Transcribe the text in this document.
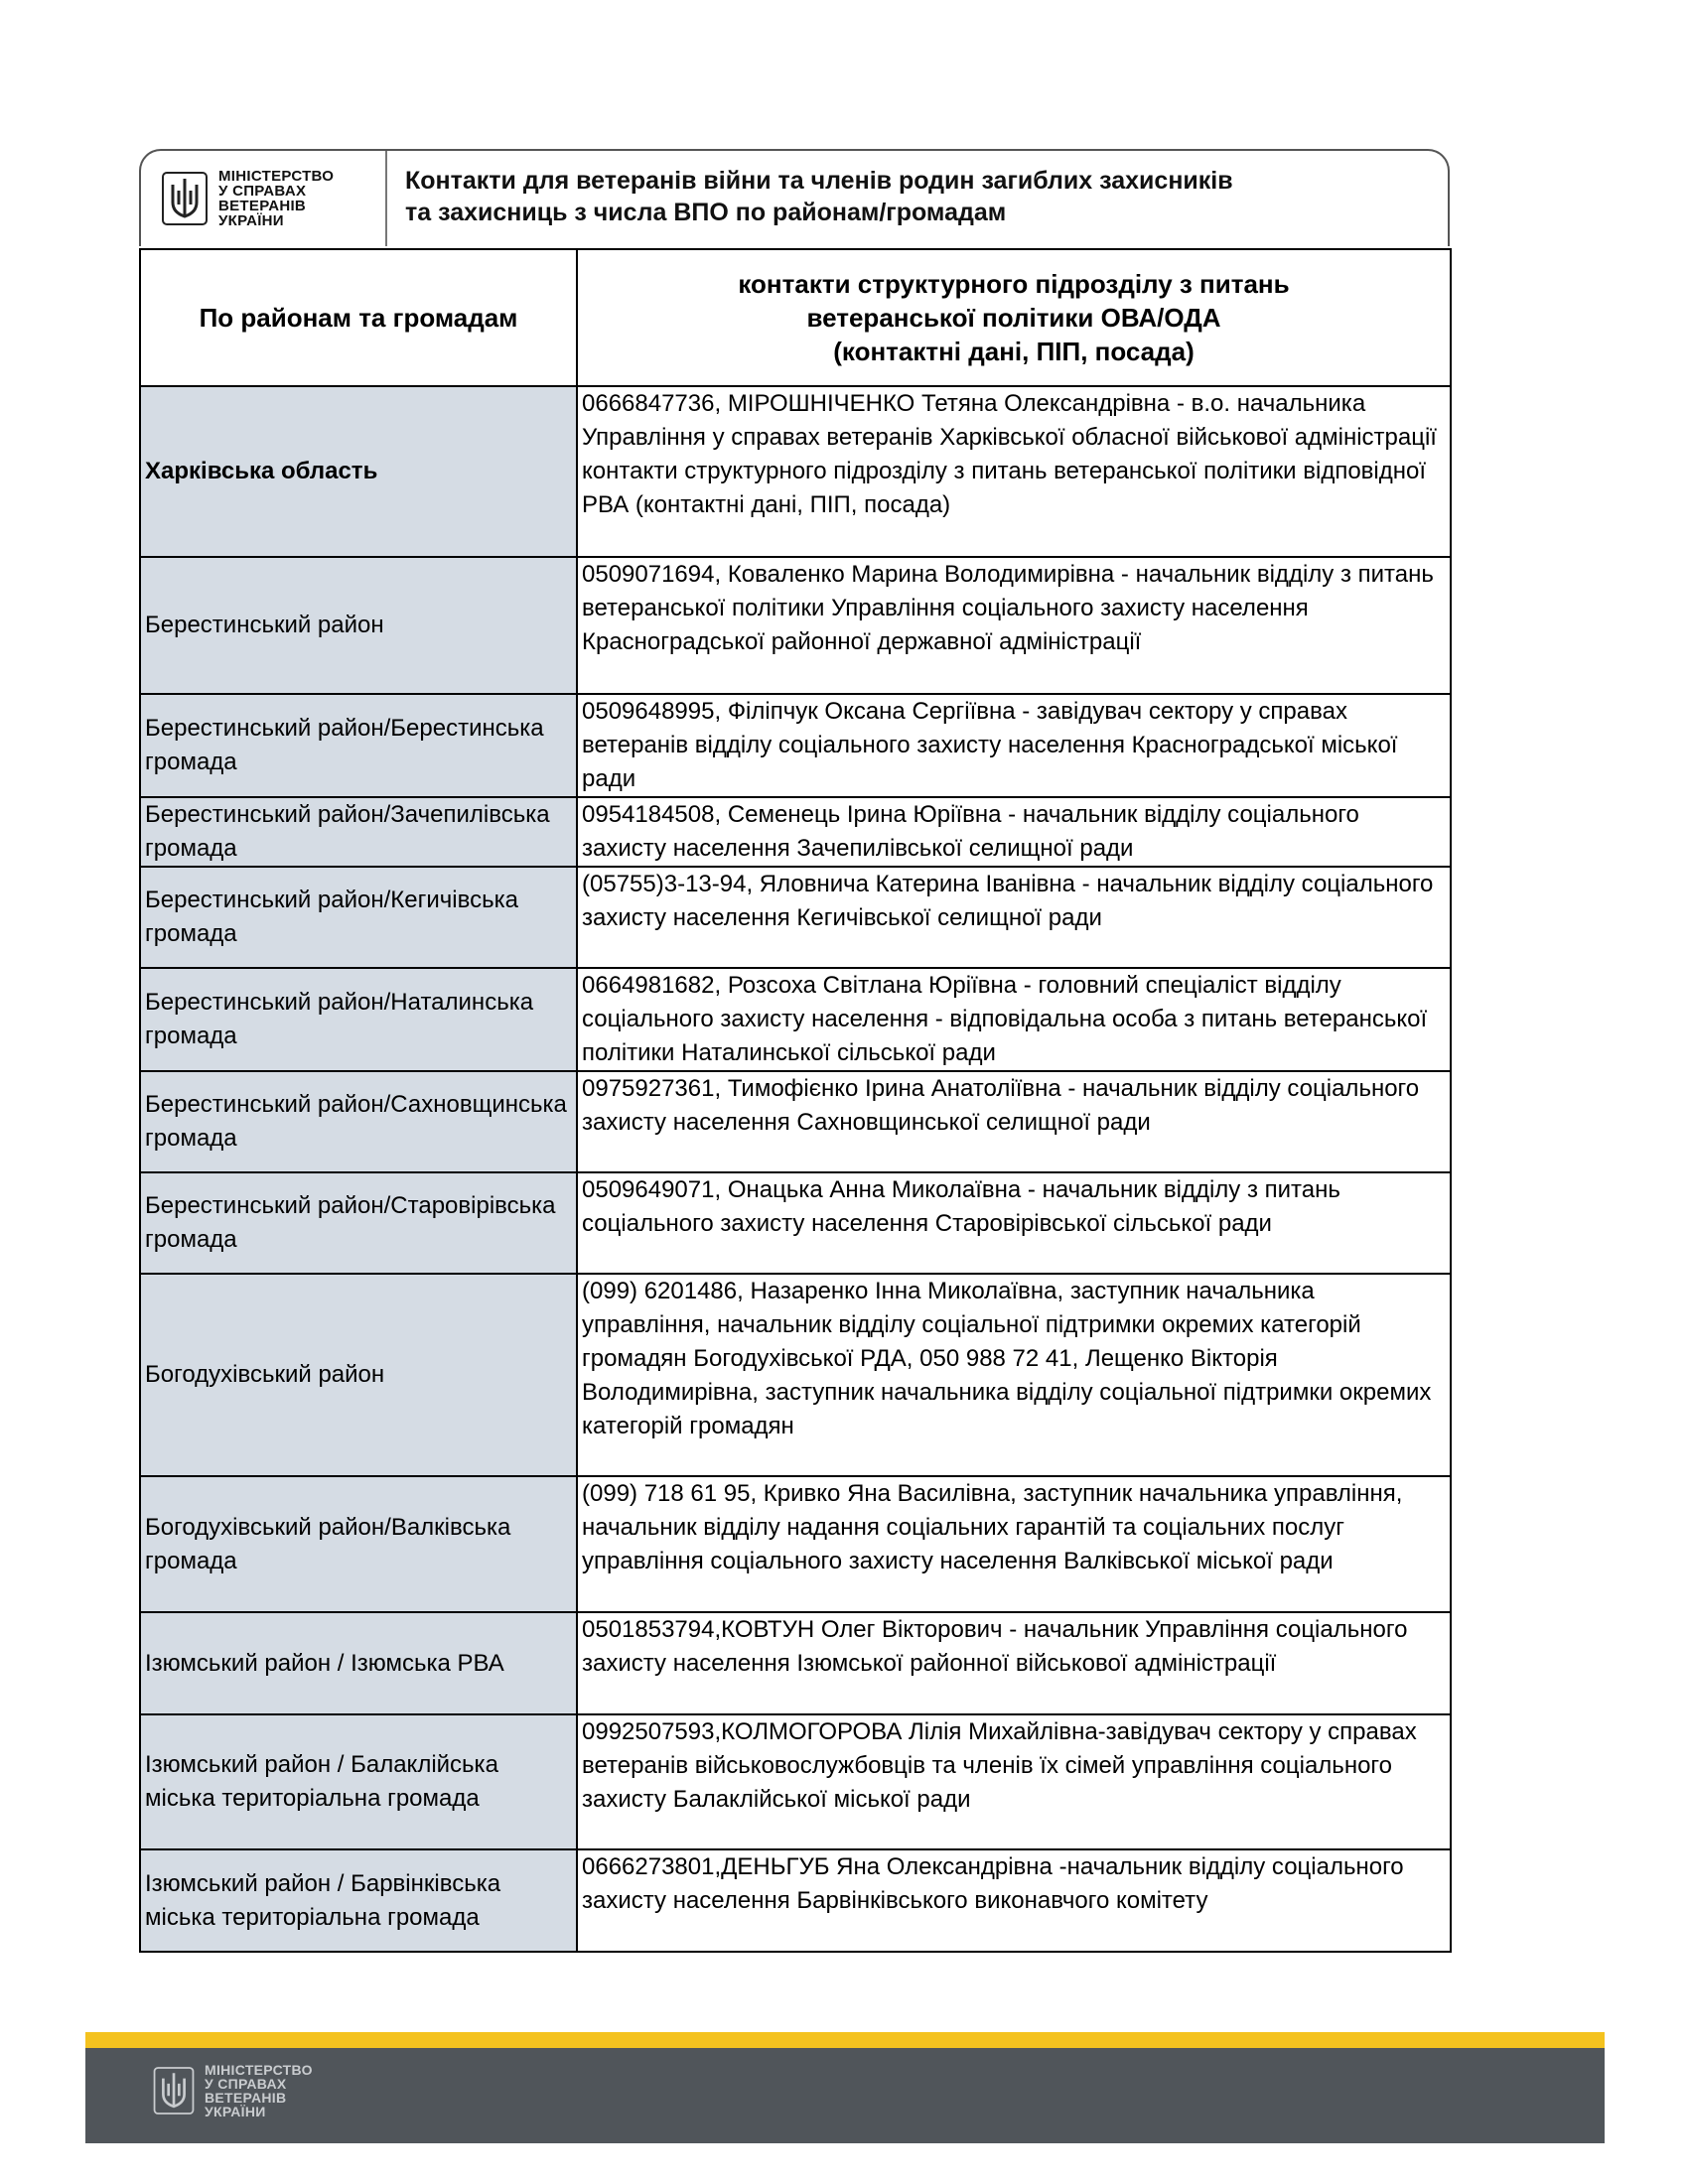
МІНІСТЕРСТВО
У СПРАВАХ
ВЕТЕРАНІВ
УКРАЇНИ
Контакти для ветеранів війни та членів родин загиблих захисників
та захисниць з числа ВПО по районам/громадам
По районам та громадам	контакти структурного підрозділу з питань
ветеранської політики ОВА/ОДА
(контактні дані, ПІП, посада)

Харківська область	0666847736, МІРОШНІЧЕНКО Тетяна Олександрівна - в.о. начальника Управління у справах ветеранів Харківської обласної військової адміністрації контакти структурного підрозділу з питань ветеранської політики відповідної РВА (контактні дані, ПІП, посада)
Берестинський район	0509071694, Коваленко Марина Володимирівна - начальник відділу з питань ветеранської політики Управління соціального захисту населення Красноградської районної державної адміністрації
Берестинський район/Берестинська громада	0509648995, Філіпчук Оксана Сергіївна - завідувач сектору у справах ветеранів відділу соціального захисту населення Красноградської міської ради
Берестинський район/Зачепилівська громада	0954184508, Семенець Ірина Юріївна - начальник відділу соціального захисту населення Зачепилівської селищної ради
Берестинський район/Кегичівська громада	(05755)3-13-94, Яловнича Катерина Іванівна - начальник відділу соціального захисту населення Кегичівської селищної ради
Берестинський район/Наталинська громада	0664981682, Розсоха Світлана Юріївна - головний спеціаліст відділу соціального захисту населення - відповідальна особа з питань ветеранської політики Наталинської сільської ради
Берестинський район/Сахновщинська громада	0975927361, Тимофієнко Ірина Анатоліївна - начальник відділу соціального захисту населення Сахновщинської селищної ради
Берестинський район/Старовірівська громада	0509649071, Онацька Анна Миколаївна - начальник відділу з питань соціального захисту населення Старовірівської сільської ради
Богодухівський район	(099) 6201486, Назаренко Інна Миколаївна, заступник начальника управління, начальник відділу соціальної підтримки окремих категорій громадян Богодухівської РДА, 050 988 72 41, Лещенко Вікторія Володимирівна, заступник начальника відділу соціальної підтримки окремих категорій громадян
Богодухівський район/Валківська громада	(099) 718 61 95, Кривко Яна Василівна, заступник начальника управління, начальник відділу надання соціальних гарантій та соціальних послуг управління соціального захисту населення Валківської міської ради
Ізюмський район / Ізюмська РВА	0501853794,КОВТУН Олег Вікторович - начальник Управління соціального захисту населення Ізюмської районної військової адміністрації
Ізюмський район / Балаклійська міська територіальна громада	0992507593,КОЛМОГОРОВА Лілія Михайлівна-завідувач сектору у справах ветеранів військовослужбовців та членів їх сімей управління соціального захисту Балаклійської міської ради
Ізюмський район / Барвінківська міська територіальна громада	0666273801,ДЕНЬГУБ Яна Олександрівна -начальник відділу соціального захисту населення Барвінківського виконавчого комітету
МІНІСТЕРСТВО
У СПРАВАХ
ВЕТЕРАНІВ
УКРАЇНИ
